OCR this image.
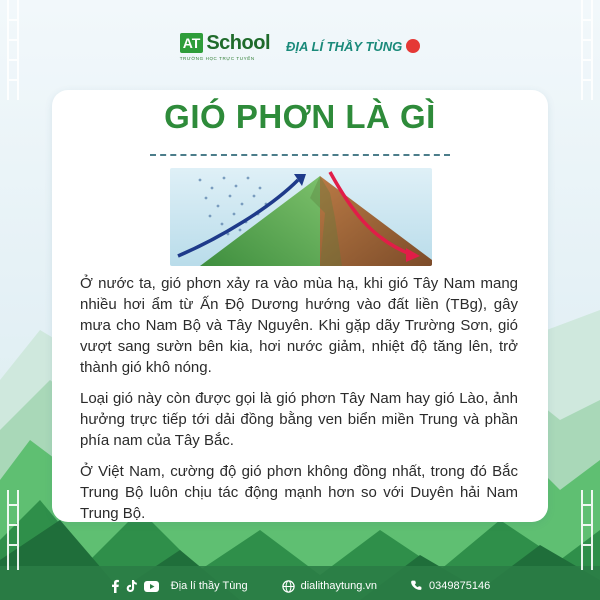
AT School
TRƯỜNG HỌC TRỰC TUYẾN
ĐỊA LÍ THẦY TÙNG
GIÓ PHƠN LÀ GÌ

Ở nước ta, gió phơn xảy ra vào mùa hạ, khi gió Tây Nam mang nhiều hơi ẩm từ Ấn Độ Dương hướng vào đất liền (TBg), gây mưa cho Nam Bộ và Tây Nguyên. Khi gặp dãy Trường Sơn, gió vượt sang sườn bên kia, hơi nước giảm, nhiệt độ tăng lên, trở thành gió khô nóng.

Loại gió này còn được gọi là gió phơn Tây Nam hay gió Lào, ảnh hưởng trực tiếp tới dải đồng bằng ven biển miền Trung và phần phía nam của Tây Bắc.

Ở Việt Nam, cường độ gió phơn không đồng nhất, trong đó Bắc Trung Bộ luôn chịu tác động mạnh hơn so với Duyên hải Nam Trung Bộ.

Địa lí thầy Tùng	dialithaytung.vn	0349875146
